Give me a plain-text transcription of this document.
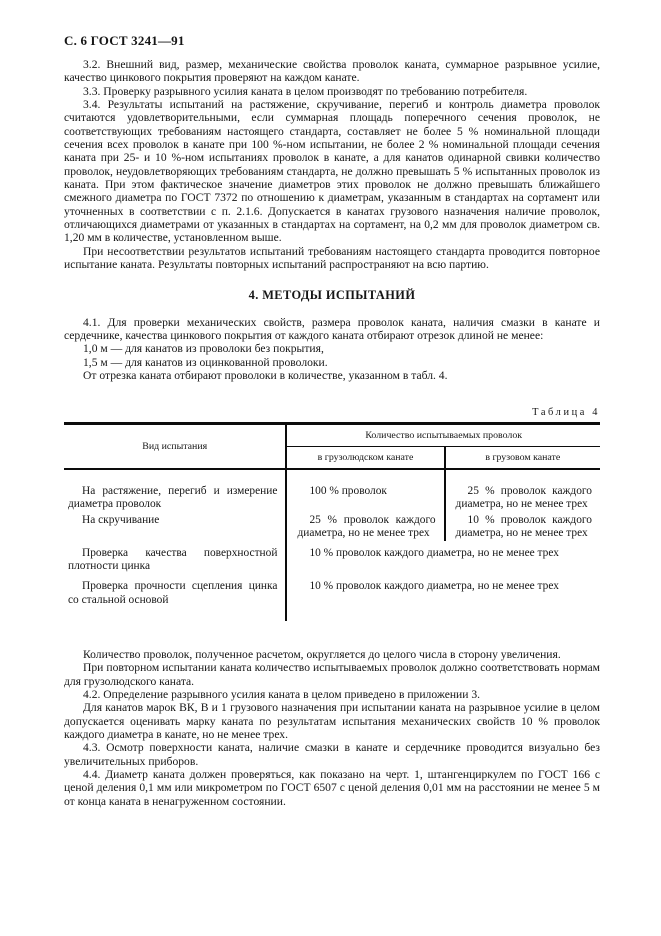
С. 6 ГОСТ 3241—91

3.2. Внешний вид, размер, механические свойства проволок каната, суммарное разрывное усилие, качество цинкового покрытия проверяют на каждом канате.

3.3. Проверку разрывного усилия каната в целом производят по требованию потребителя.

3.4. Результаты испытаний на растяжение, скручивание, перегиб и контроль диаметра проволок считаются удовлетворительными, если суммарная площадь поперечного сечения проволок, не соответствующих требованиям настоящего стандарта, составляет не более 5 % номинальной площади сечения всех проволок в канате при 100 %-ном испытании, не более 2 % номинальной площади сечения каната при 25- и 10 %-ном испытаниях проволок в канате, а для канатов одинарной свивки количество проволок, неудовлетворяющих требованиям стандарта, не должно превышать 5 % испытанных проволок из каната. При этом фактическое значение диаметров этих проволок не должно превышать ближайшего смежного диаметра по ГОСТ 7372 по отношению к диаметрам, указанным в стандартах на сортамент или уточненных в соответствии с п. 2.1.6. Допускается в канатах грузового назначения наличие проволок, отличающихся диаметрами от указанных в стандартах на сортамент, на 0,2 мм для проволок диаметром св. 1,20 мм в количестве, установленном выше.

При несоответствии результатов испытаний требованиям настоящего стандарта проводится повторное испытание каната. Результаты повторных испытаний распространяют на всю партию.

4. МЕТОДЫ ИСПЫТАНИЙ

4.1. Для проверки механических свойств, размера проволок каната, наличия смазки в канате и сердечнике, качества цинкового покрытия от каждого каната отбирают отрезок длиной не менее:

1,0 м — для канатов из проволоки без покрытия,

1,5 м — для канатов из оцинкованной проволоки.

От отрезка каната отбирают проволоки в количестве, указанном в табл. 4.

Таблица 4
Вид испытания	Количество испытываемых проволок	
	в грузолюдском канате	в грузовом канате
На растяжение, перегиб и измерение диаметра проволок	100 % проволок	25 % проволок каждого диаметра, но не менее трех
На скручивание	25 % проволок каждого диаметра, но не менее трех	10 % проволок каждого диаметра, но не менее трех
Проверка качества поверхностной плотности цинка	10 % проволок каждого диаметра, но не менее трех	
Проверка прочности сцепления цинка со стальной основой	10 % проволок каждого диаметра, но не менее трех	

Количество проволок, полученное расчетом, округляется до целого числа в сторону увеличения.

При повторном испытании каната количество испытываемых проволок должно соответствовать нормам для грузолюдского каната.

4.2. Определение разрывного усилия каната в целом приведено в приложении 3.

Для канатов марок ВК, В и 1 грузового назначения при испытании каната на разрывное усилие в целом допускается оценивать марку каната по результатам испытания механических свойств 10 % проволок каждого диаметра в канате, но не менее трех.

4.3. Осмотр поверхности каната, наличие смазки в канате и сердечнике проводится визуально без увеличительных приборов.

4.4. Диаметр каната должен проверяться, как показано на черт. 1, штангенциркулем по ГОСТ 166 с ценой деления 0,1 мм или микрометром по ГОСТ 6507 с ценой деления 0,01 мм на расстоянии не менее 5 м от конца каната в ненагруженном состоянии.
